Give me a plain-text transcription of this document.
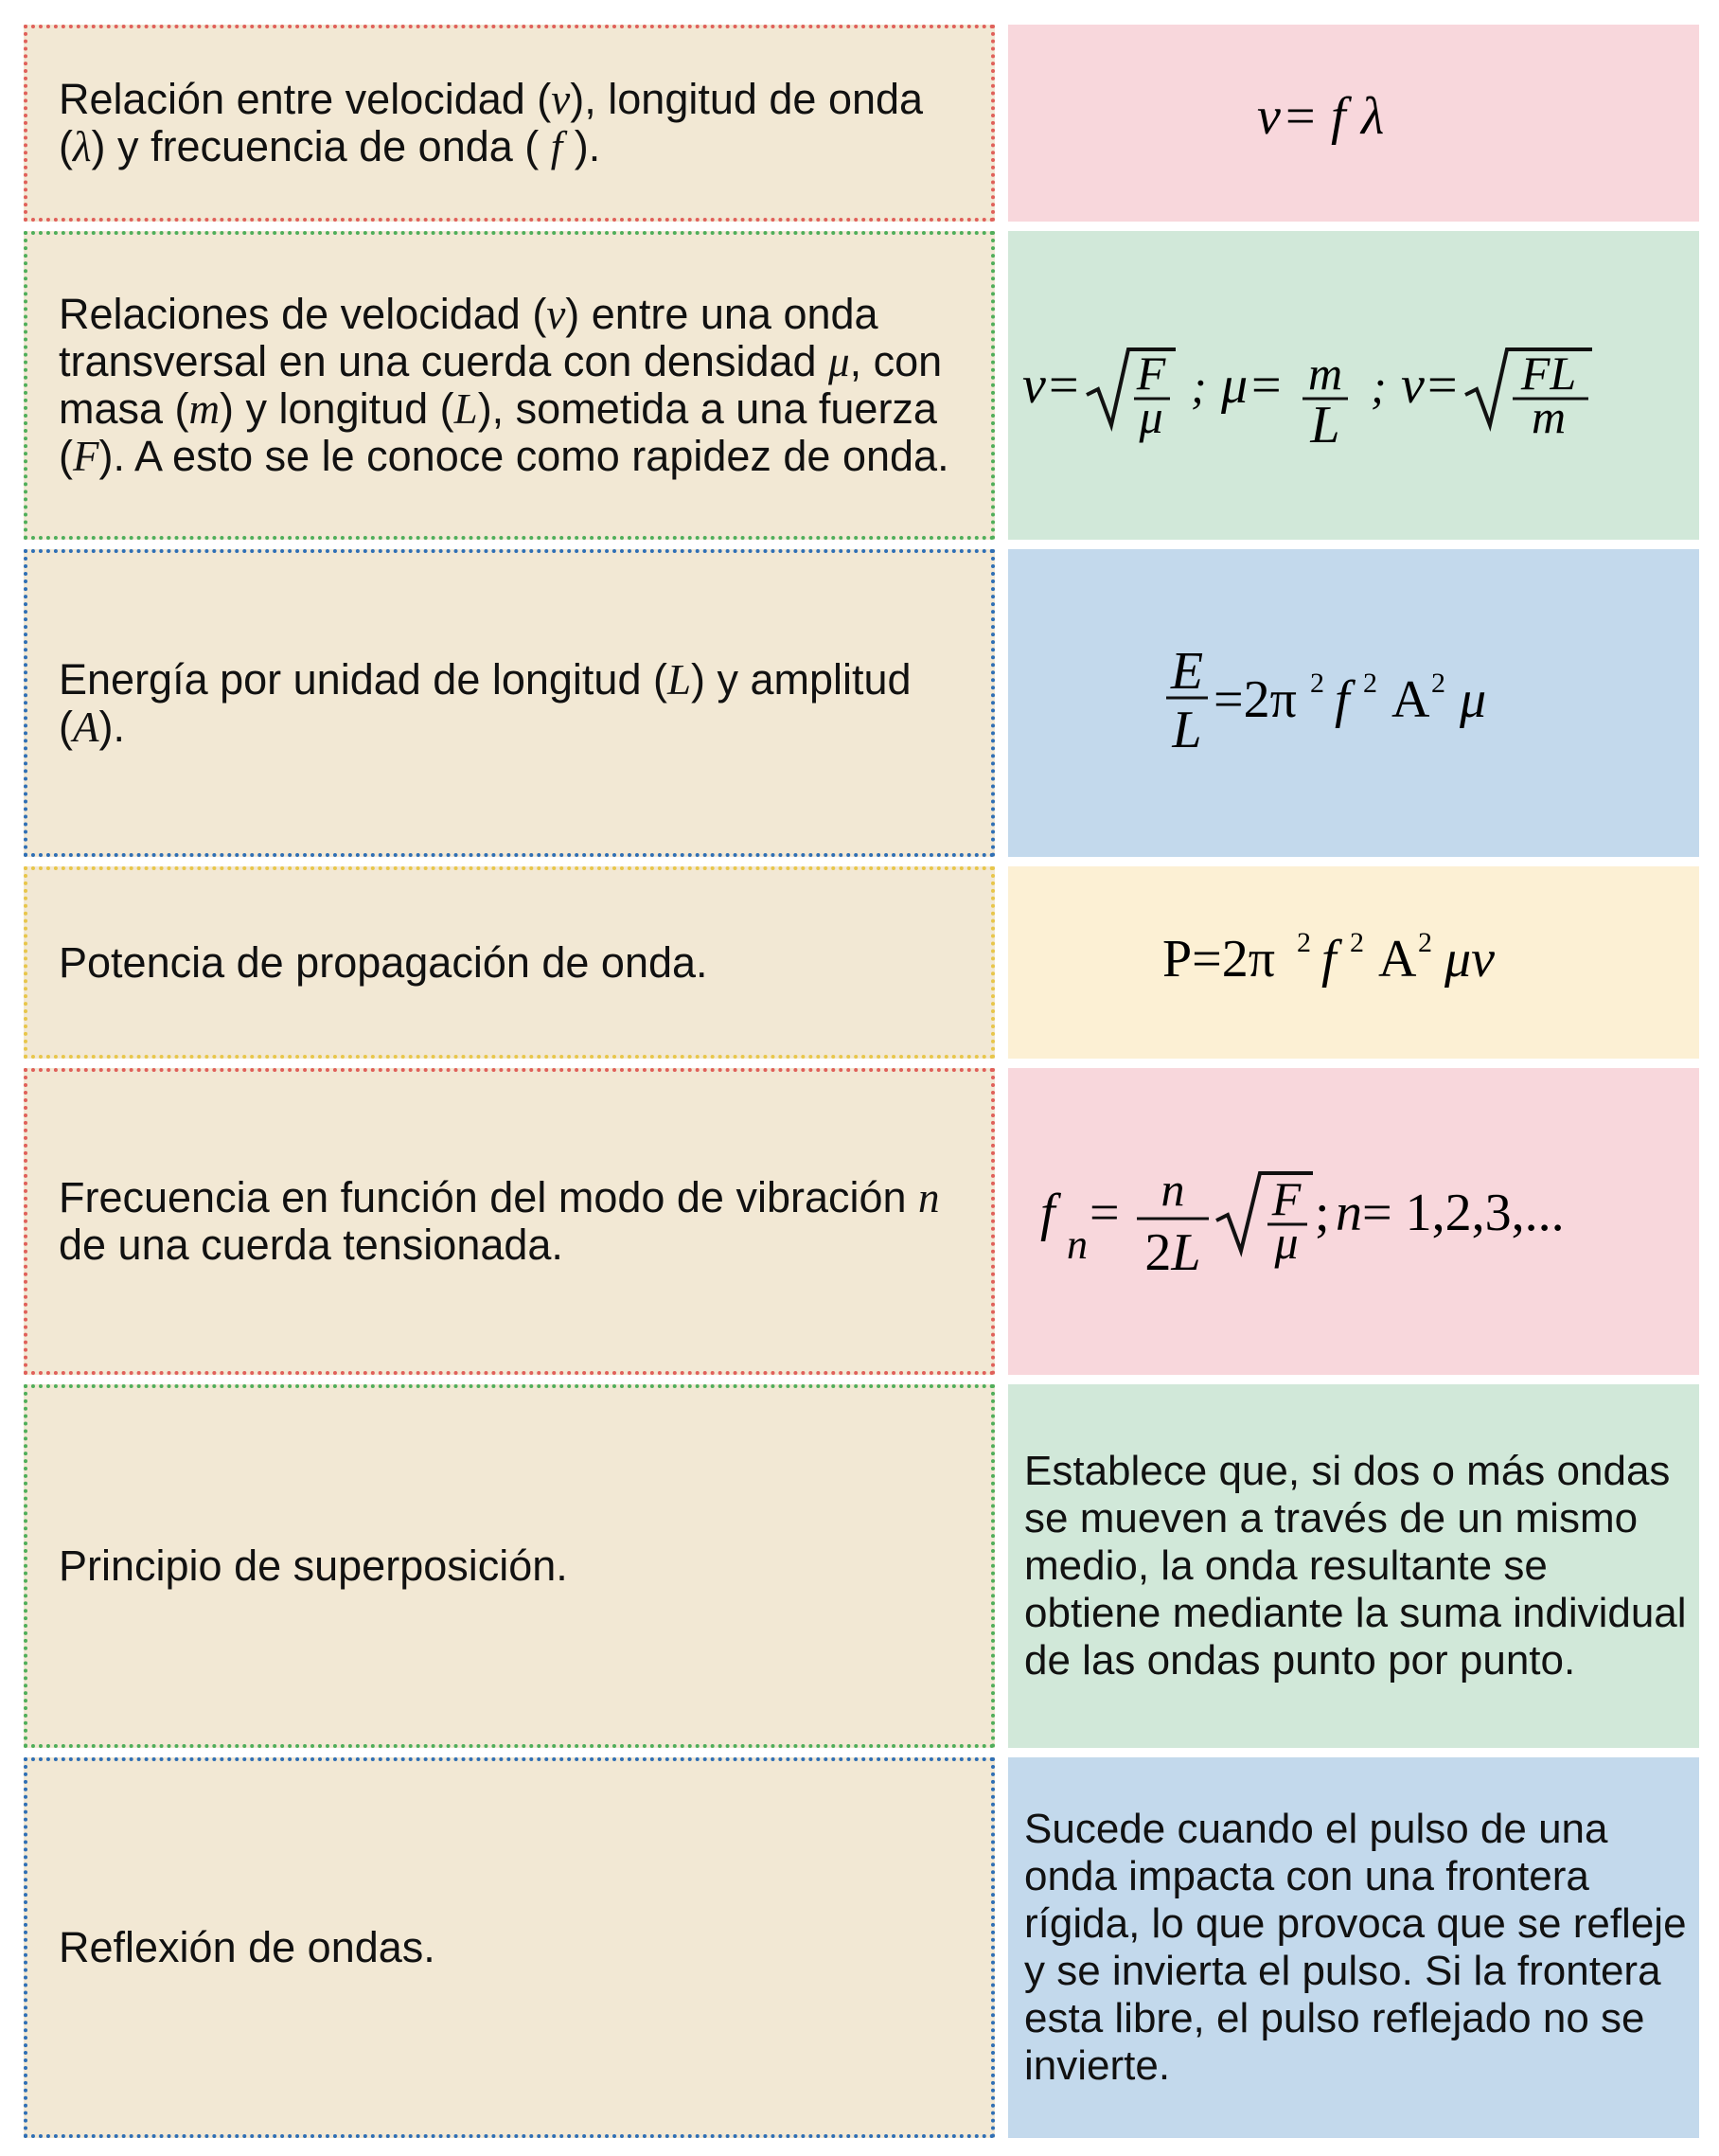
Relación entre velocidad (v), longitud de onda (λ) y frecuencia de onda ( f ).
v = f λ
Relaciones de velocidad (v) entre una onda transversal en una cuerda con densidad μ, con masa (m) y longitud (L), sometida a una fuerza (F). A esto se le conoce como rapidez de onda.
v = F
μ
; μ = m
L
; v = FL
m
Energía por unidad de longitud (L) y amplitud (A).
E
L
=2π 2 f 2 A 2 μ
Potencia de propagación de onda.	P=2π 2 f 2 A 2 μv
Frecuencia en función del modo de vibración n de una cuerda tensionada.
f
n
= n
2L
F
μ ; n = 1,2,3,...
Principio de superposición.
Establece que, si dos o más ondas se mueven a través de un mismo medio, la onda resultante se obtiene mediante la suma individual de las ondas punto por punto.
Reflexión de ondas.
Sucede cuando el pulso de una onda impacta con una frontera rígida, lo que provoca que se refleje y se invierta el pulso. Si la frontera esta libre, el pulso reflejado no se invierte.
